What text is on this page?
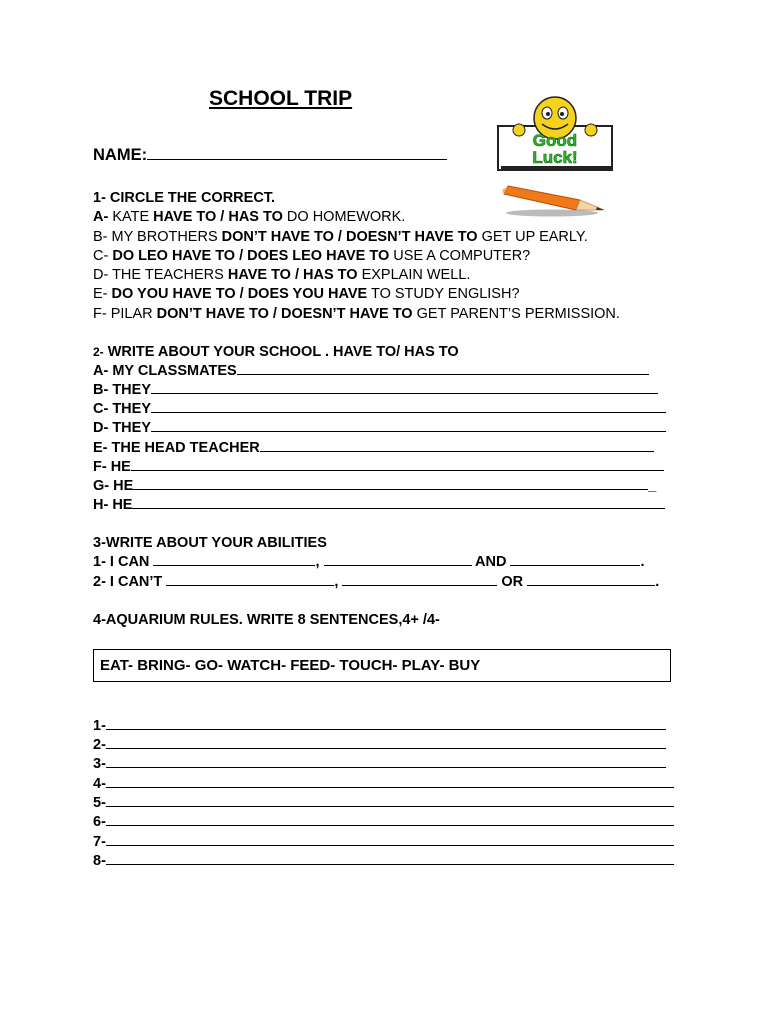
SCHOOL TRIP
Good
Luck!
NAME:
1- CIRCLE THE CORRECT.
A- KATE HAVE TO / HAS TO DO HOMEWORK.
B- MY BROTHERS DON’T HAVE TO / DOESN’T HAVE TO GET UP EARLY.
C- DO LEO HAVE TO / DOES LEO HAVE TO USE A COMPUTER?
D- THE TEACHERS HAVE TO / HAS TO EXPLAIN WELL.
E- DO YOU HAVE TO / DOES YOU HAVE TO STUDY ENGLISH?
F- PILAR DON’T HAVE TO / DOESN’T HAVE TO GET PARENT’S PERMISSION.
2- WRITE ABOUT YOUR SCHOOL . HAVE TO/ HAS TO
A- MY CLASSMATES
B- THEY
C- THEY
D- THEY
E- THE HEAD TEACHER
F- HE
G- HE	_
H- HE
3-WRITE ABOUT YOUR ABILITIES
1- I CAN	,	AND	.
2- I CAN’T	,	OR	.
4-AQUARIUM RULES. WRITE 8 SENTENCES,4+ /4-
EAT- BRING- GO- WATCH- FEED- TOUCH- PLAY- BUY
1-
2-
3-
4-
5-
6-
7-
8-
